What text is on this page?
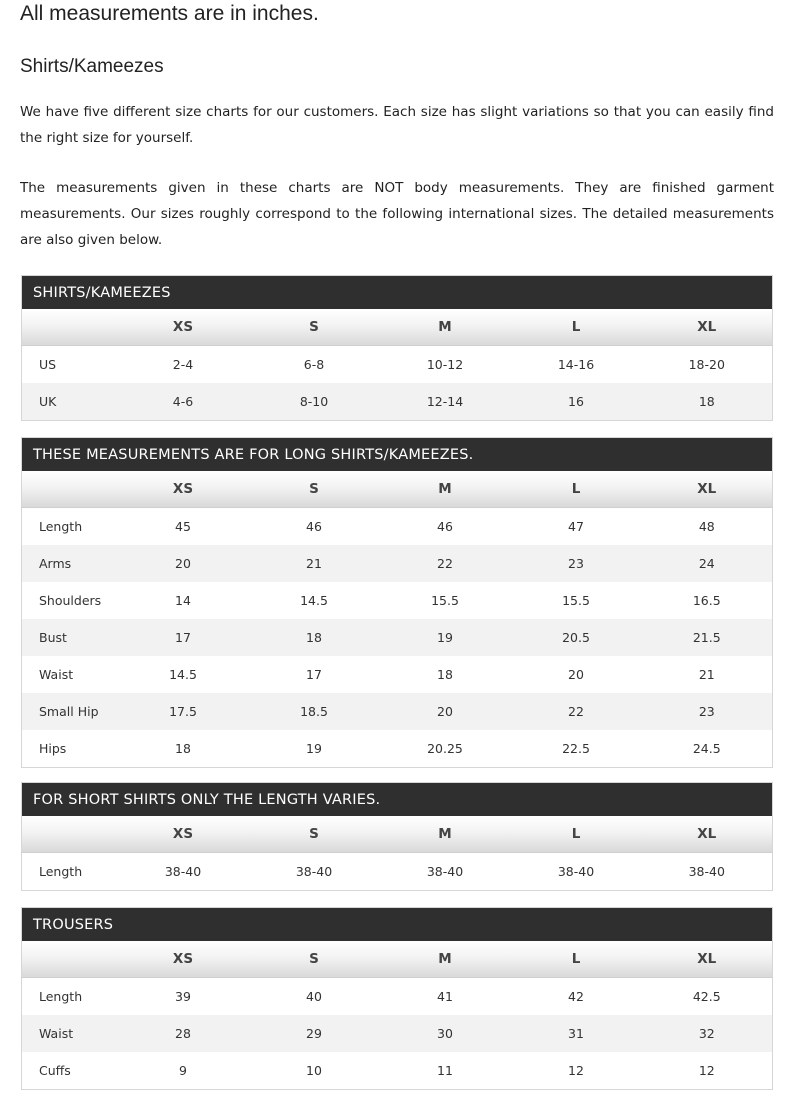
All measurements are in inches.
Shirts/Kameezes

We have five different size charts for our customers. Each size has slight variations so that you can easily find the right size for yourself.

The measurements given in these charts are NOT body measurements. They are finished garment measurements. Our sizes roughly correspond to the following international sizes. The detailed measurements are also given below.

SHIRTS/KAMEEZES					
	XS	S	M	L	XL
US	2-4	6-8	10-12	14-16	18-20
UK	4-6	8-10	12-14	16	18
THESE MEASUREMENTS ARE FOR LONG SHIRTS/KAMEEZES.					
	XS	S	M	L	XL
Length	45	46	46	47	48
Arms	20	21	22	23	24
Shoulders	14	14.5	15.5	15.5	16.5
Bust	17	18	19	20.5	21.5
Waist	14.5	17	18	20	21
Small Hip	17.5	18.5	20	22	23
Hips	18	19	20.25	22.5	24.5
FOR SHORT SHIRTS ONLY THE LENGTH VARIES.					
	XS	S	M	L	XL
Length	38-40	38-40	38-40	38-40	38-40
TROUSERS					
	XS	S	M	L	XL
Length	39	40	41	42	42.5
Waist	28	29	30	31	32
Cuffs	9	10	11	12	12
